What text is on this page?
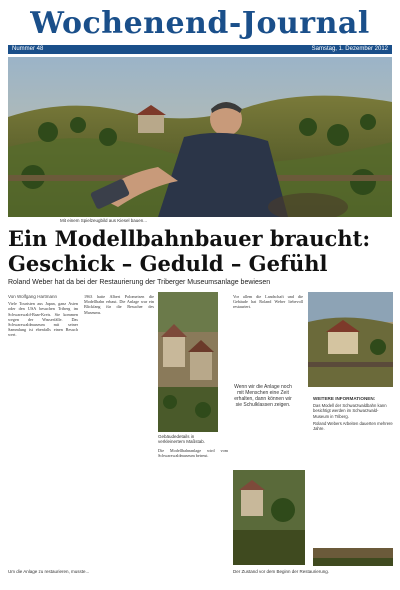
Wochenend-Journal
Nummer 48	Samstag, 1. Dezember 2012
Mit einem Spielzeugbild aus Kiesel bauen...
Ein Modellbahnbauer braucht:
Geschick – Geduld – Gefühl
Roland Weber hat da bei der Restaurierung der Triberger Museumsanlage bewiesen
Von Wolfgang Hartmann

Viele Touristen aus Japan, ganz Asien oder den USA besuchen Triberg im Schwarzwald-Baar-Kreis. Sie kommen wegen der Wasserfälle. Das Schwarzwaldmuseum mit seiner Sammlung ist ebenfalls einen Besuch wert.

1963 hatte Albert Polomeisen die Modellbahn erbaut. Die Anlage war ein Blickfang für die Besucher des Museums.

Gebäudedetails in verkleinertem Maßstab.

Die Modellbahnanlage wird vom Schwarzwaldmuseum betreut.

Vor allem die Landschaft und die Gebäude hat Roland Weber liebevoll restauriert.

Wenn wir die Anlage noch mit Menschen eine Zeit erhalten, dann können wir sie Schulklassen zeigen.

WEITERE INFORMATIONEN:

Das Modell der Schwarzwaldbahn kann besichtigt werden im Schwarzwald-Museum in Triberg.

Roland Webers Arbeiten dauerten mehrere Jahre.

Um die Anlage zu restaurieren, musste...	Der Zustand vor dem Beginn der Restaurierung.
